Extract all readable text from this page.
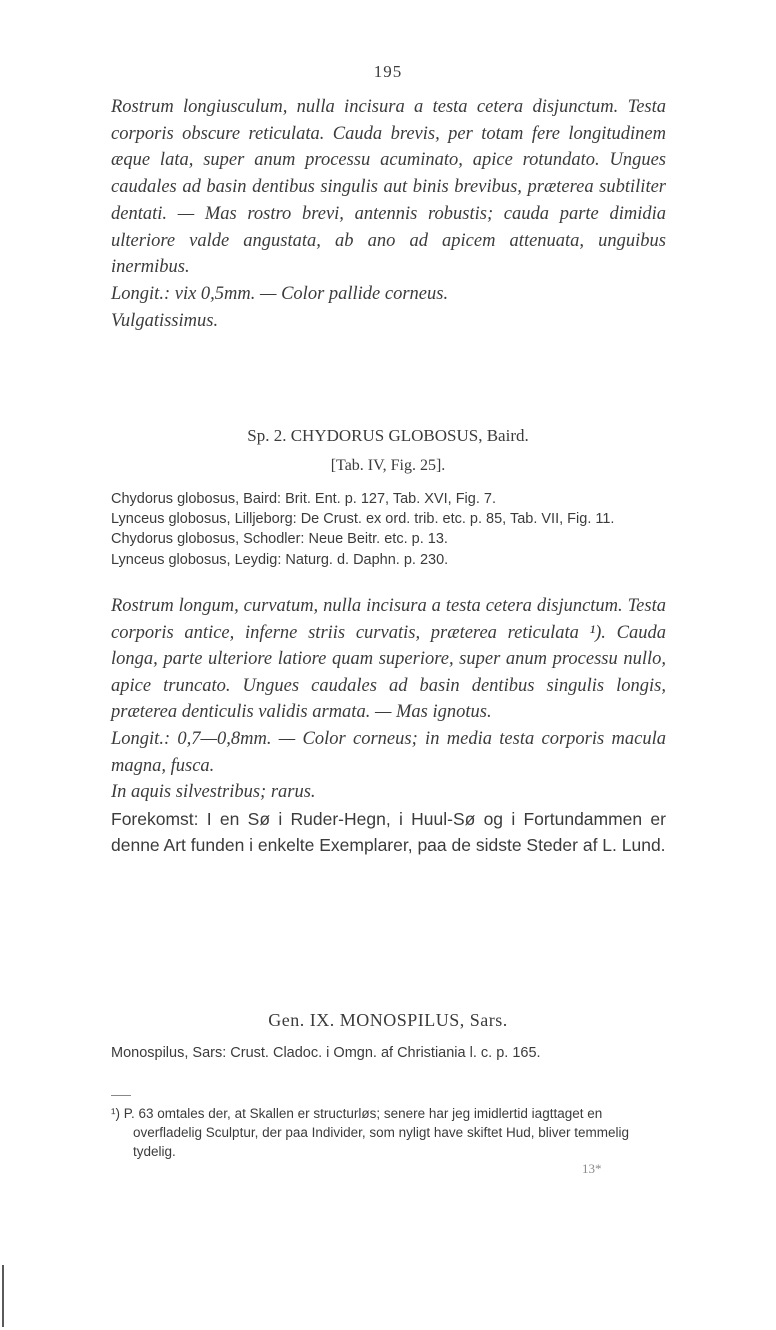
195

Rostrum longiusculum, nulla incisura a testa cetera disjunctum. Testa corporis obscure reticulata. Cauda brevis, per totam fere longitudinem æque lata, super anum processu acuminato, apice rotundato. Ungues caudales ad basin dentibus singulis aut binis brevibus, præterea subtiliter dentati. — Mas rostro brevi, antennis robustis; cauda parte dimidia ulteriore valde angustata, ab ano ad apicem attenuata, unguibus inermibus.

Longit.: vix 0,5mm. — Color pallide corneus.

Vulgatissimus.

Sp. 2. CHYDORUS GLOBOSUS, Baird.
[Tab. IV, Fig. 25].

Chydorus globosus, Baird: Brit. Ent. p. 127, Tab. XVI, Fig. 7.

Lynceus globosus, Lilljeborg: De Crust. ex ord. trib. etc. p. 85, Tab. VII, Fig. 11.

Chydorus globosus, Schodler: Neue Beitr. etc. p. 13.

Lynceus globosus, Leydig: Naturg. d. Daphn. p. 230.

Rostrum longum, curvatum, nulla incisura a testa cetera disjunctum. Testa corporis antice, inferne striis curvatis, præterea reticulata ¹). Cauda longa, parte ulteriore latiore quam superiore, super anum processu nullo, apice truncato. Ungues caudales ad basin dentibus singulis longis, præterea denticulis validis armata. — Mas ignotus.

Longit.: 0,7—0,8mm. — Color corneus; in media testa corporis macula magna, fusca.

In aquis silvestribus; rarus.

Forekomst: I en Sø i Ruder-Hegn, i Huul-Sø og i Fortundammen er denne Art funden i enkelte Exemplarer, paa de sidste Steder af L. Lund.

Gen. IX. MONOSPILUS, Sars.

Monospilus, Sars: Crust. Cladoc. i Omgn. af Christiania l. c. p. 165.

¹) P. 63 omtales der, at Skallen er structurløs; senere har jeg imidlertid iagttaget en overfladelig Sculptur, der paa Individer, som nyligt have skiftet Hud, bliver temmelig tydelig.

13*
